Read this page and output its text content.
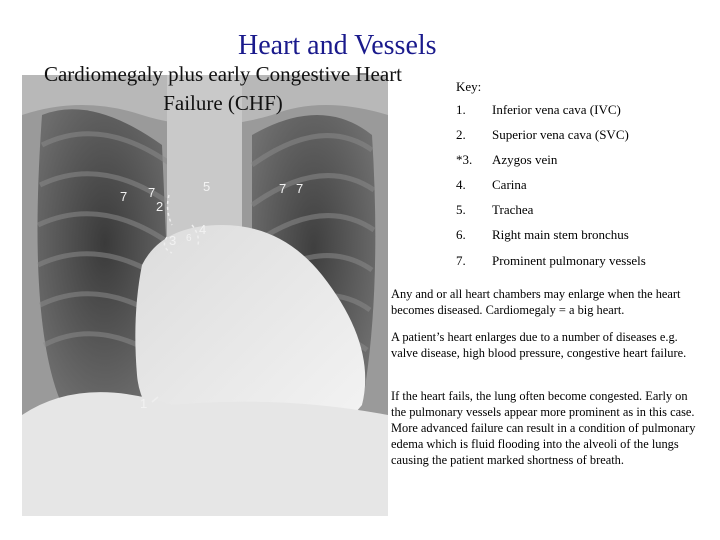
7 7
2
5	7 7
4
3 6
1
Cardiomegaly plus early Congestive Heart Failure (CHF)
Heart and Vessels
Key:
1. Inferior vena cava (IVC)
2. Superior vena cava (SVC)
*3. Azygos vein
4. Carina
5. Trachea
6. Right main stem bronchus
7. Prominent pulmonary vessels
Any and or all heart chambers may enlarge when the heart becomes diseased. Cardiomegaly = a big heart.
A patient’s heart enlarges due to a number of diseases e.g. valve disease, high blood pressure, congestive heart failure.
If the heart fails, the lung often become congested. Early on the pulmonary vessels appear more prominent as in this case. More advanced failure can result in a condition of pulmonary edema which is fluid flooding into the alveoli of the lungs causing the patient marked shortness of breath.
